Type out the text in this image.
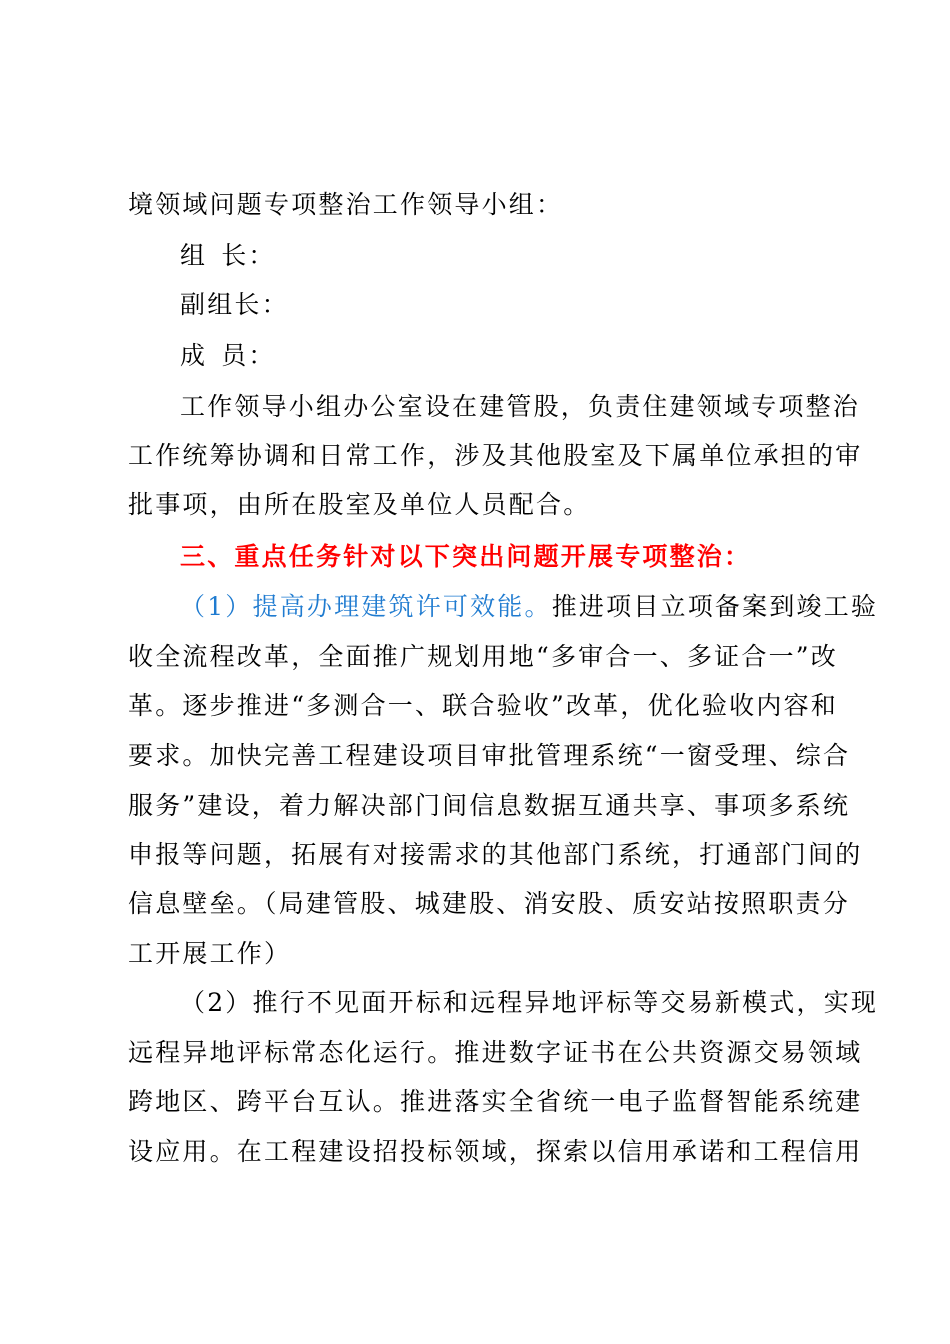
境领域问题专项整治工作领导小组：
组 长：
副组长：
成 员：
工作领导小组办公室设在建管股，负责住建领域专项整治
工作统筹协调和日常工作，涉及其他股室及下属单位承担的审
批事项，由所在股室及单位人员配合。
三、重点任务针对以下突出问题开展专项整治：
（1）提高办理建筑许可效能。推进项目立项备案到竣工验
收全流程改革，全面推广规划用地“多审合一、多证合一”改
革。逐步推进“多测合一、联合验收”改革，优化验收内容和
要求。加快完善工程建设项目审批管理系统“一窗受理、综合
服务”建设，着力解决部门间信息数据互通共享、事项多系统
申报等问题，拓展有对接需求的其他部门系统，打通部门间的
信息壁垒。（局建管股、城建股、消安股、质安站按照职责分
工开展工作）
（2）推行不见面开标和远程异地评标等交易新模式，实现
远程异地评标常态化运行。推进数字证书在公共资源交易领域
跨地区、跨平台互认。推进落实全省统一电子监督智能系统建
设应用。在工程建设招投标领域，探索以信用承诺和工程信用
